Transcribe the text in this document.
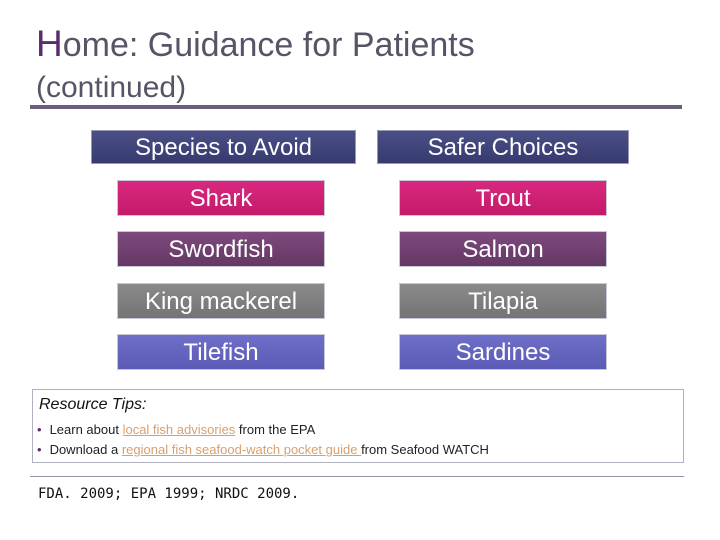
Home: Guidance for Patients
(continued)
Species to Avoid	Safer Choices
Shark	Trout
Swordfish	Salmon
King mackerel	Tilapia
Tilefish	Sardines
Resource Tips:
• Learn about local fish advisories from the EPA
• Download a regional fish seafood-watch pocket guide from Seafood WATCH
FDA. 2009; EPA 1999; NRDC 2009.
